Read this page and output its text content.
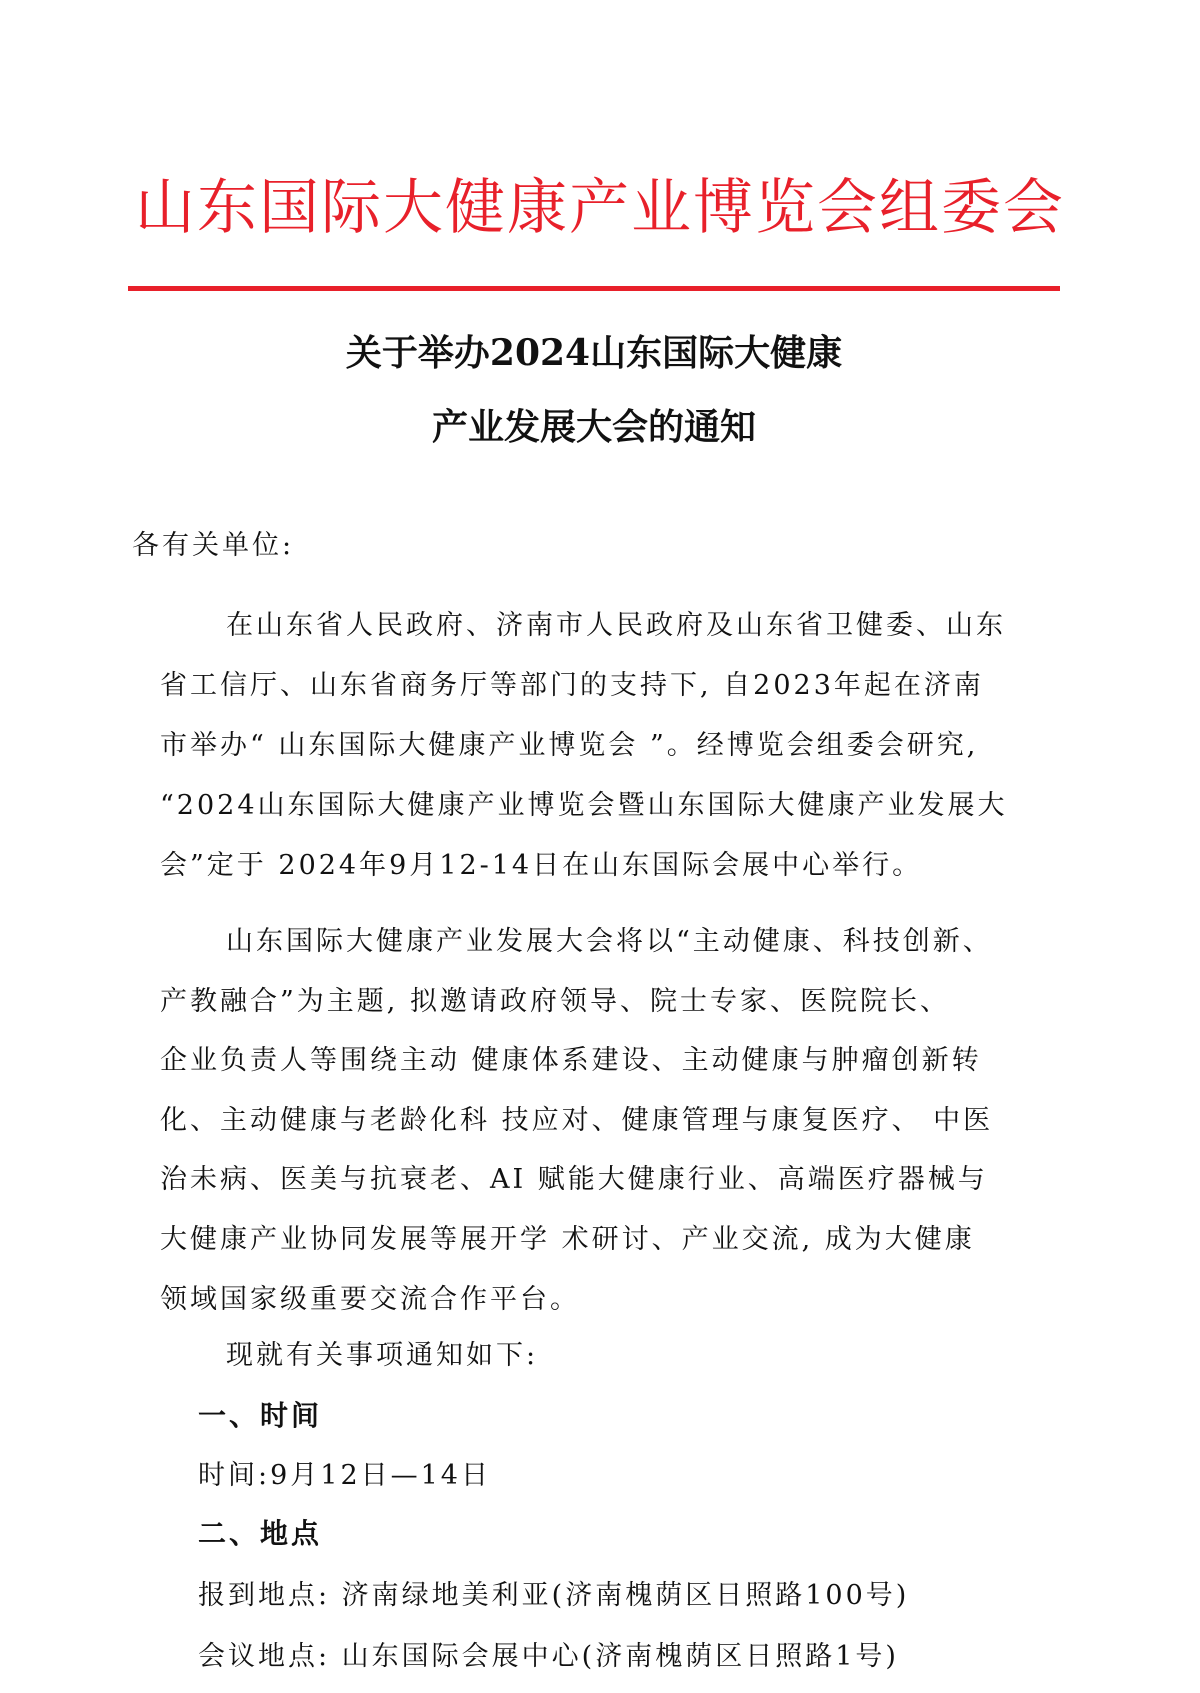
山东国际大健康产业博览会组委会
关于举办2024山东国际大健康
产业发展大会的通知
各有关单位:
在山东省人民政府、济南市人民政府及山东省卫健委、山东
省工信厅、山东省商务厅等部门的支持下, 自2023年起在济南
市举办“ 山东国际大健康产业博览会 ”。经博览会组委会研究,
“2024山东国际大健康产业博览会暨山东国际大健康产业发展大
会”定于 2024年9月12-14日在山东国际会展中心举行。
山东国际大健康产业发展大会将以“主动健康、科技创新、
产教融合”为主题, 拟邀请政府领导、院士专家、医院院长、
企业负责人等围绕主动 健康体系建设、主动健康与肿瘤创新转
化、主动健康与老龄化科 技应对、健康管理与康复医疗、 中医
治未病、医美与抗衰老、AI 赋能大健康行业、高端医疗器械与
大健康产业协同发展等展开学 术研讨、产业交流, 成为大健康
领域国家级重要交流合作平台。
现就有关事项通知如下:
一、时间
时间:9月12日—14日
二、地点
报到地点: 济南绿地美利亚(济南槐荫区日照路100号)
会议地点: 山东国际会展中心(济南槐荫区日照路1号)
